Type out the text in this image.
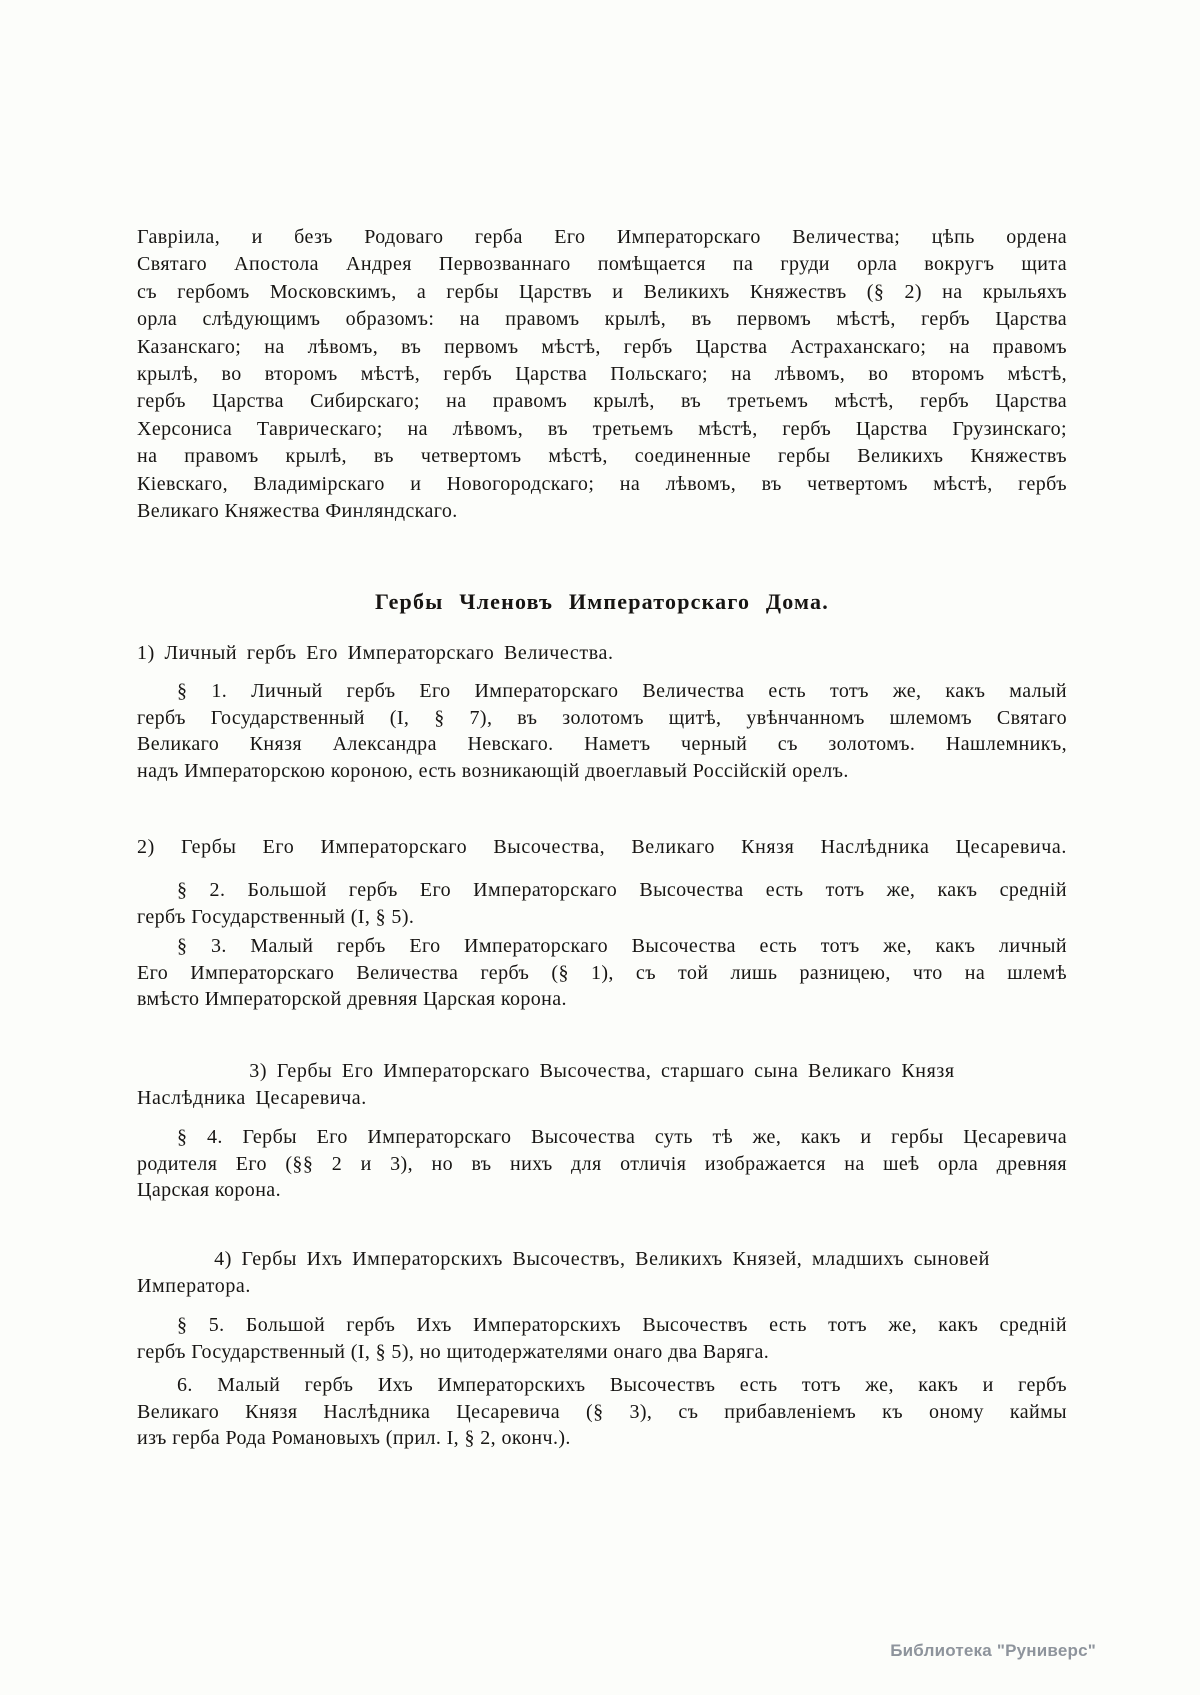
Гавріила, и безъ Родоваго герба Его Императорскаго Величества; цѣпь ордена
Святаго Апостола Андрея Первозваннаго помѣщается па груди орла вокругъ щита
съ гербомъ Московскимъ, а гербы Царствъ и Великихъ Княжествъ (§ 2) на крыльяхъ
орла слѣдующимъ образомъ: на правомъ крылѣ, въ первомъ мѣстѣ, гербъ Царства
Казанскаго; на лѣвомъ, въ первомъ мѣстѣ, гербъ Царства Астраханскаго; на правомъ
крылѣ, во второмъ мѣстѣ, гербъ Царства Польскаго; на лѣвомъ, во второмъ мѣстѣ,
гербъ Царства Сибирскаго; на правомъ крылѣ, въ третьемъ мѣстѣ, гербъ Царства
Херсониса Таврическаго; на лѣвомъ, въ третьемъ мѣстѣ, гербъ Царства Грузинскаго;
на правомъ крылѣ, въ четвертомъ мѣстѣ, соединенные гербы Великихъ Княжествъ
Кіевскаго, Владимірскаго и Новогородскаго; на лѣвомъ, въ четвертомъ мѣстѣ, гербъ
Великаго Княжества Финляндскаго.
Гербы Членовъ Императорскаго Дома.
1) Личный гербъ Его Императорскаго Величества.
§ 1. Личный гербъ Его Императорскаго Величества есть тотъ же, какъ малый
гербъ Государственный (I, § 7), въ золотомъ щитѣ, увѣнчанномъ шлемомъ Святаго
Великаго Князя Александра Невскаго. Наметъ черный съ золотомъ. Нашлемникъ,
надъ Императорскою короною, есть возникающій двоеглавый Россійскій орелъ.
2) Гербы Его Императорскаго Высочества, Великаго Князя Наслѣдника Цесаревича.
§ 2. Большой гербъ Его Императорскаго Высочества есть тотъ же, какъ средній
гербъ Государственный (I, § 5).
§ 3. Малый гербъ Его Императорскаго Высочества есть тотъ же, какъ личный
Его Императорскаго Величества гербъ (§ 1), съ той лишь разницею, что на шлемѣ
вмѣсто Императорской древняя Царская корона.
3) Гербы Его Императорскаго Высочества, старшаго сына Великаго Князя
Наслѣдника Цесаревича.
§ 4. Гербы Его Императорскаго Высочества суть тѣ же, какъ и гербы Цесаревича
родителя Его (§§ 2 и 3), но въ нихъ для отличія изображается на шеѣ орла древняя
Царская корона.
4) Гербы Ихъ Императорскихъ Высочествъ, Великихъ Князей, младшихъ сыновей
Императора.
§ 5. Большой гербъ Ихъ Императорскихъ Высочествъ есть тотъ же, какъ средній
гербъ Государственный (I, § 5), но щитодержателями онаго два Варяга.
6. Малый гербъ Ихъ Императорскихъ Высочествъ есть тотъ же, какъ и гербъ
Великаго Князя Наслѣдника Цесаревича (§ 3), съ прибавленіемъ къ оному каймы
изъ герба Рода Романовыхъ (прил. I, § 2, оконч.).
Библиотека "Руниверс"
